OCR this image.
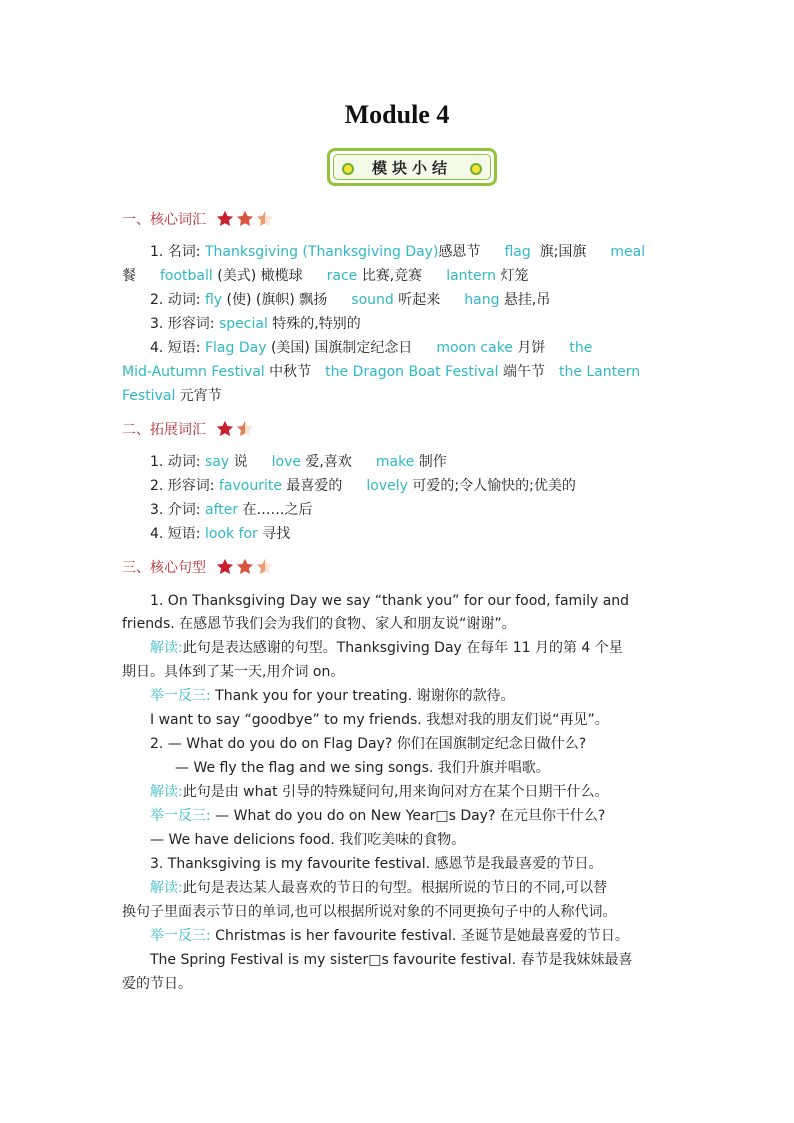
Module 4
模块小结
一、核心词汇
1. 名词: Thanksgiving (Thanksgiving Day)感恩节 flag 旗;国旗 meal
餐 football (美式) 橄榄球 race 比赛,竞赛 lantern 灯笼
2. 动词: fly (使) (旗帜) 飘扬 sound 听起来 hang 悬挂,吊
3. 形容词: special 特殊的,特别的
4. 短语: Flag Day (美国) 国旗制定纪念日 moon cake 月饼 the
Mid-Autumn Festival 中秋节 the Dragon Boat Festival 端午节 the Lantern
Festival 元宵节
二、拓展词汇
1. 动词: say 说 love 爱,喜欢 make 制作
2. 形容词: favourite 最喜爱的 lovely 可爱的;令人愉快的;优美的
3. 介词: after 在……之后
4. 短语: look for 寻找
三、核心句型
1. On Thanksgiving Day we say “thank you” for our food, family and
friends. 在感恩节我们会为我们的食物、家人和朋友说“谢谢”。
解读:此句是表达感谢的句型。Thanksgiving Day 在每年 11 月的第 4 个星
期日。具体到了某一天,用介词 on。
举一反三: Thank you for your treating. 谢谢你的款待。
I want to say “goodbye” to my friends. 我想对我的朋友们说“再见”。
2. — What do you do on Flag Day? 你们在国旗制定纪念日做什么?
— We fly the flag and we sing songs. 我们升旗并唱歌。
解读:此句是由 what 引导的特殊疑问句,用来询问对方在某个日期干什么。
举一反三: — What do you do on New Year□s Day? 在元旦你干什么?
— We have delicions food. 我们吃美味的食物。
3. Thanksgiving is my favourite festival. 感恩节是我最喜爱的节日。
解读:此句是表达某人最喜欢的节日的句型。根据所说的节日的不同,可以替
换句子里面表示节日的单词,也可以根据所说对象的不同更换句子中的人称代词。
举一反三: Christmas is her favourite festival. 圣诞节是她最喜爱的节日。
The Spring Festival is my sister□s favourite festival. 春节是我妹妹最喜
爱的节日。
